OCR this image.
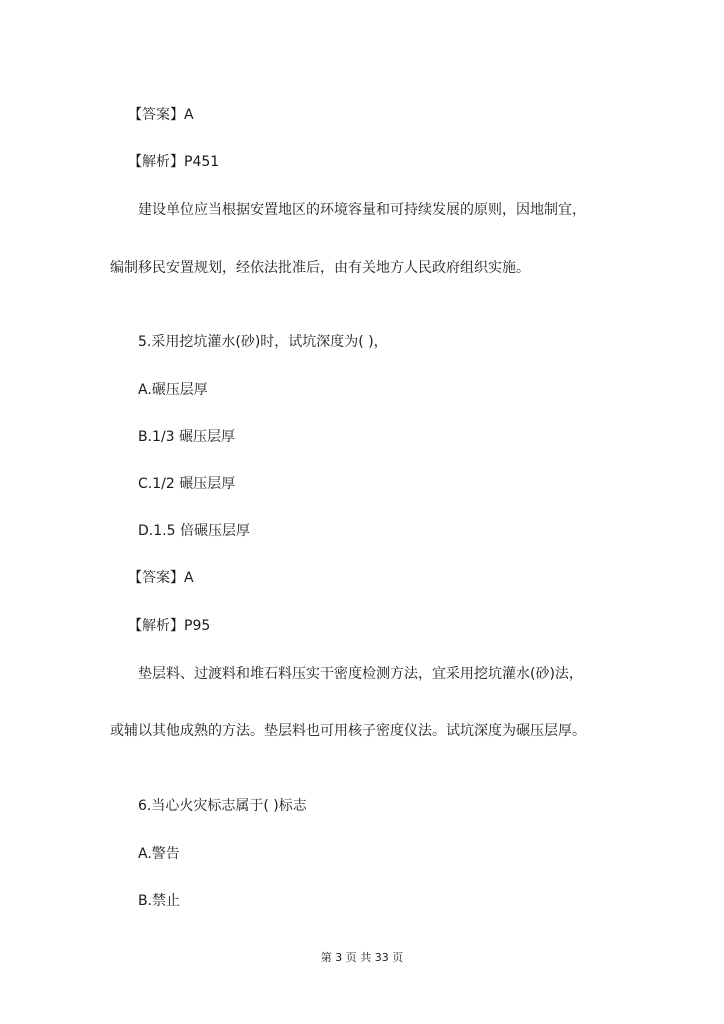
【答案】A
【解析】P451
建设单位应当根据安置地区的环境容量和可持续发展的原则，因地制宜，
编制移民安置规划，经依法批准后，由有关地方人民政府组织实施。
5.采用挖坑灌水(砂)时，试坑深度为( )，
A.碾压层厚
B.1/3 碾压层厚
C.1/2 碾压层厚
D.1.5 倍碾压层厚
【答案】A
【解析】P95
垫层料、过渡料和堆石料压实干密度检测方法，宜采用挖坑灌水(砂)法，
或辅以其他成熟的方法。垫层料也可用核子密度仪法。试坑深度为碾压层厚。
6.当心火灾标志属于( )标志
A.警告
B.禁止
第 3 页 共 33 页
